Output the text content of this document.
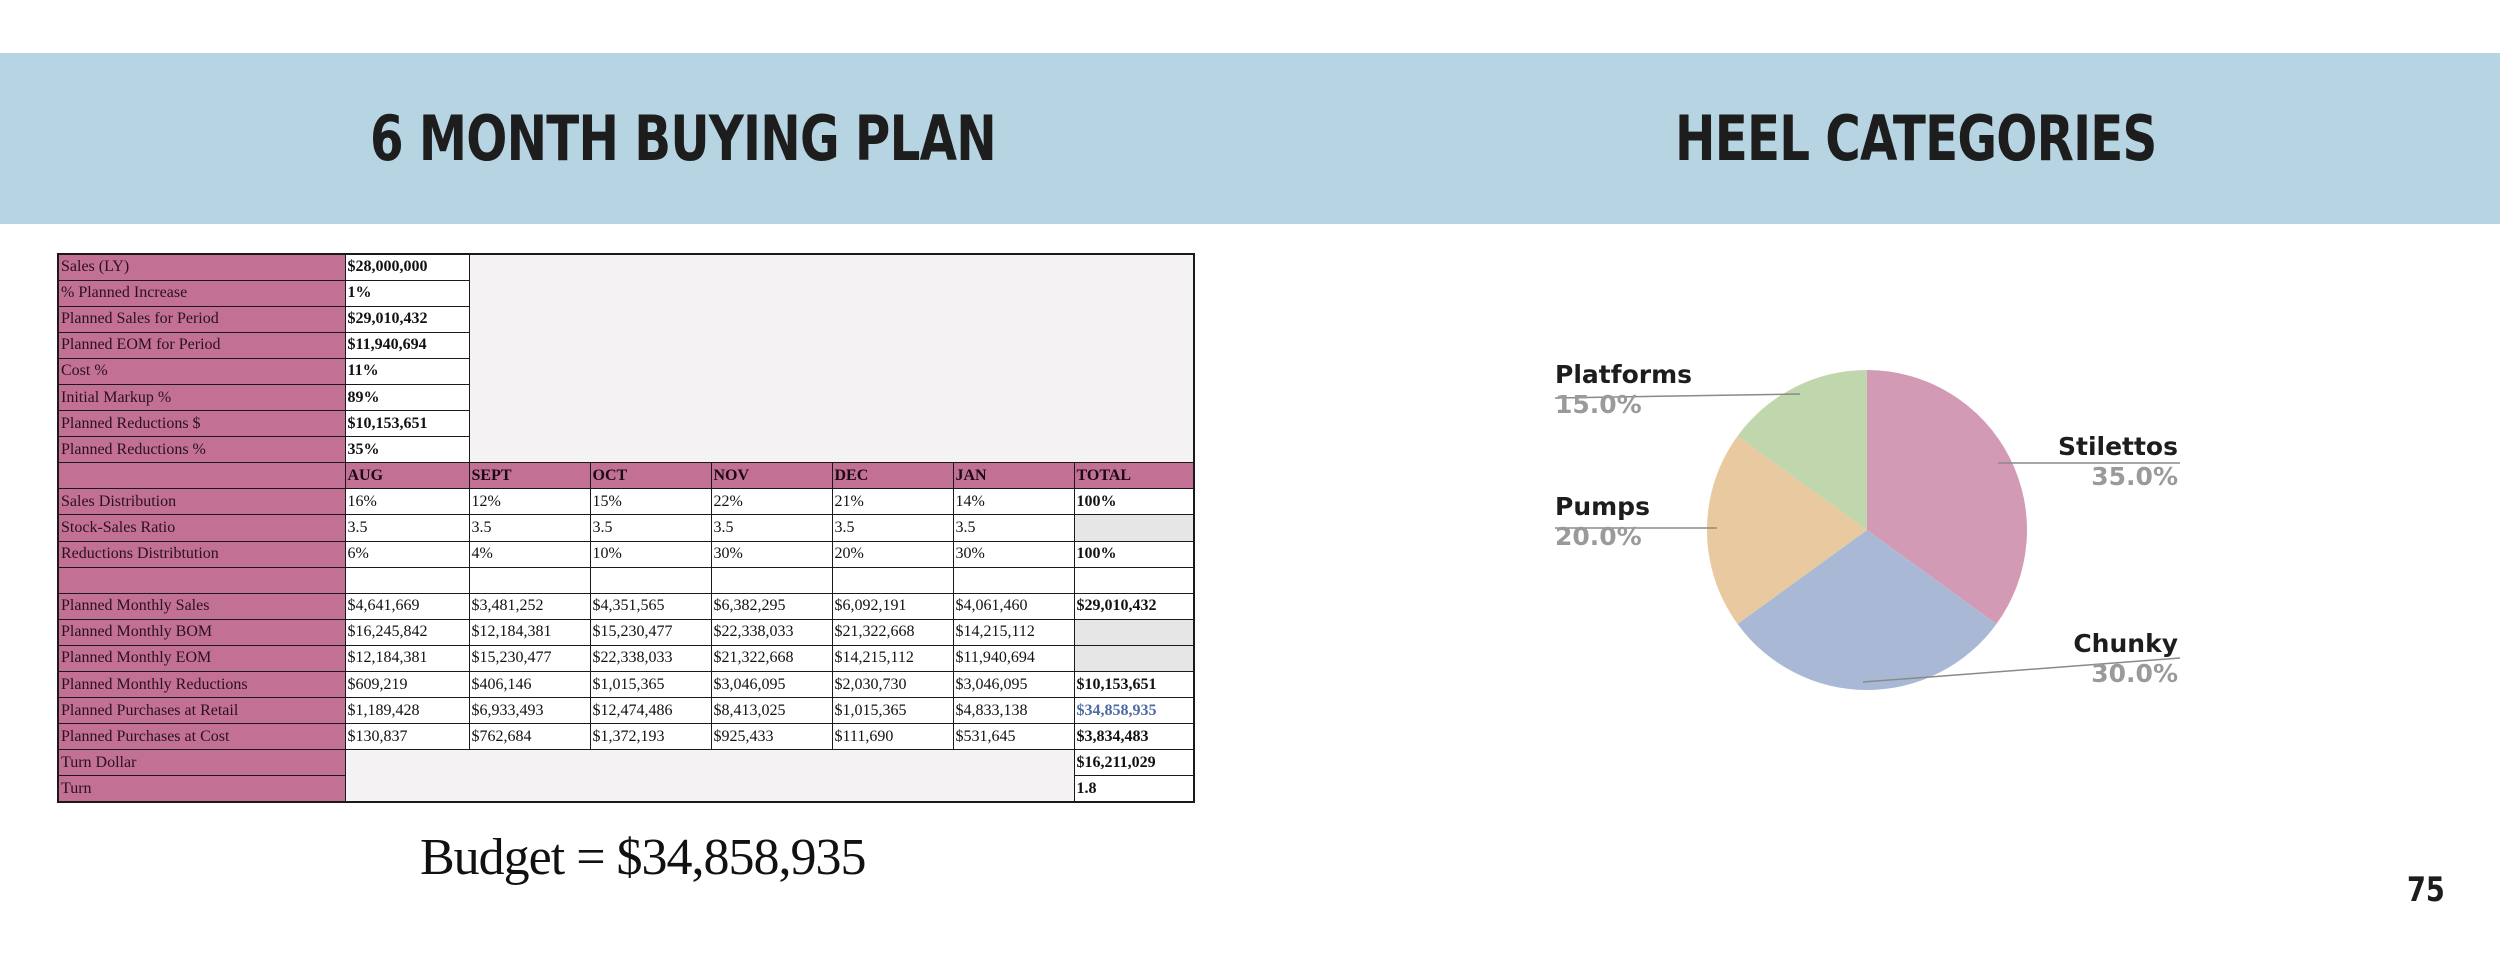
6 MONTH BUYING PLAN	HEEL CATEGORIES
Sales (LY)	$28,000,000						
% Planned Increase	1%						
Planned Sales for Period	$29,010,432						
Planned EOM for Period	$11,940,694						
Cost %	11%						
Initial Markup %	89%						
Planned Reductions $	$10,153,651						
Planned Reductions %	35%						
	AUG	SEPT	OCT	NOV	DEC	JAN	TOTAL
Sales Distribution	16%	12%	15%	22%	21%	14%	100%
Stock-Sales Ratio	3.5	3.5	3.5	3.5	3.5	3.5	
Reductions Distribtution	6%	4%	10%	30%	20%	30%	100%

Planned Monthly Sales	$4,641,669	$3,481,252	$4,351,565	$6,382,295	$6,092,191	$4,061,460	$29,010,432
Planned Monthly BOM	$16,245,842	$12,184,381	$15,230,477	$22,338,033	$21,322,668	$14,215,112	
Planned Monthly EOM	$12,184,381	$15,230,477	$22,338,033	$21,322,668	$14,215,112	$11,940,694	
Planned Monthly Reductions	$609,219	$406,146	$1,015,365	$3,046,095	$2,030,730	$3,046,095	$10,153,651
Planned Purchases at Retail	$1,189,428	$6,933,493	$12,474,486	$8,413,025	$1,015,365	$4,833,138	$34,858,935
Planned Purchases at Cost	$130,837	$762,684	$1,372,193	$925,433	$111,690	$531,645	$3,834,483
Turn Dollar							$16,211,029
Turn							1.8
Budget = $34,858,935
Stilettos
35.0%
Chunky
30.0%
Pumps
20.0%
Platforms
15.0%
75
